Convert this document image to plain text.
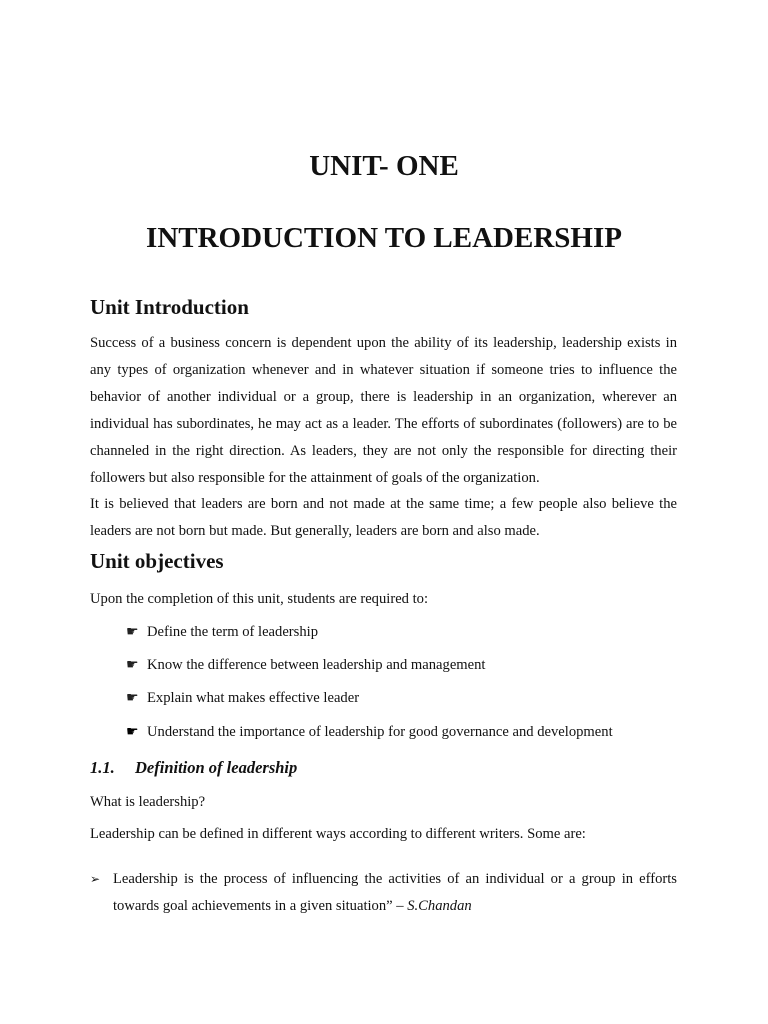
UNIT- ONE
INTRODUCTION TO LEADERSHIP
Unit Introduction

Success of a business concern is dependent upon the ability of its leadership, leadership exists in any types of organization whenever and in whatever situation if someone tries to influence the behavior of another individual or a group, there is leadership in an organization, wherever an individual has subordinates, he may act as a leader. The efforts of subordinates (followers) are to be channeled in the right direction. As leaders, they are not only the responsible for directing their followers but also responsible for the attainment of goals of the organization.

It is believed that leaders are born and not made at the same time; a few people also believe the leaders are not born but made. But generally, leaders are born and also made.

Unit objectives

Upon the completion of this unit, students are required to:

☛ Define the term of leadership
☛ Know the difference between leadership and management
☛ Explain what makes effective leader
☛ Understand the importance of leadership for good governance and development
1.1. Definition of leadership

What is leadership?

Leadership can be defined in different ways according to different writers. Some are:

➢ Leadership is the process of influencing the activities of an individual or a group in efforts towards goal achievements in a given situation” – S.Chandan
